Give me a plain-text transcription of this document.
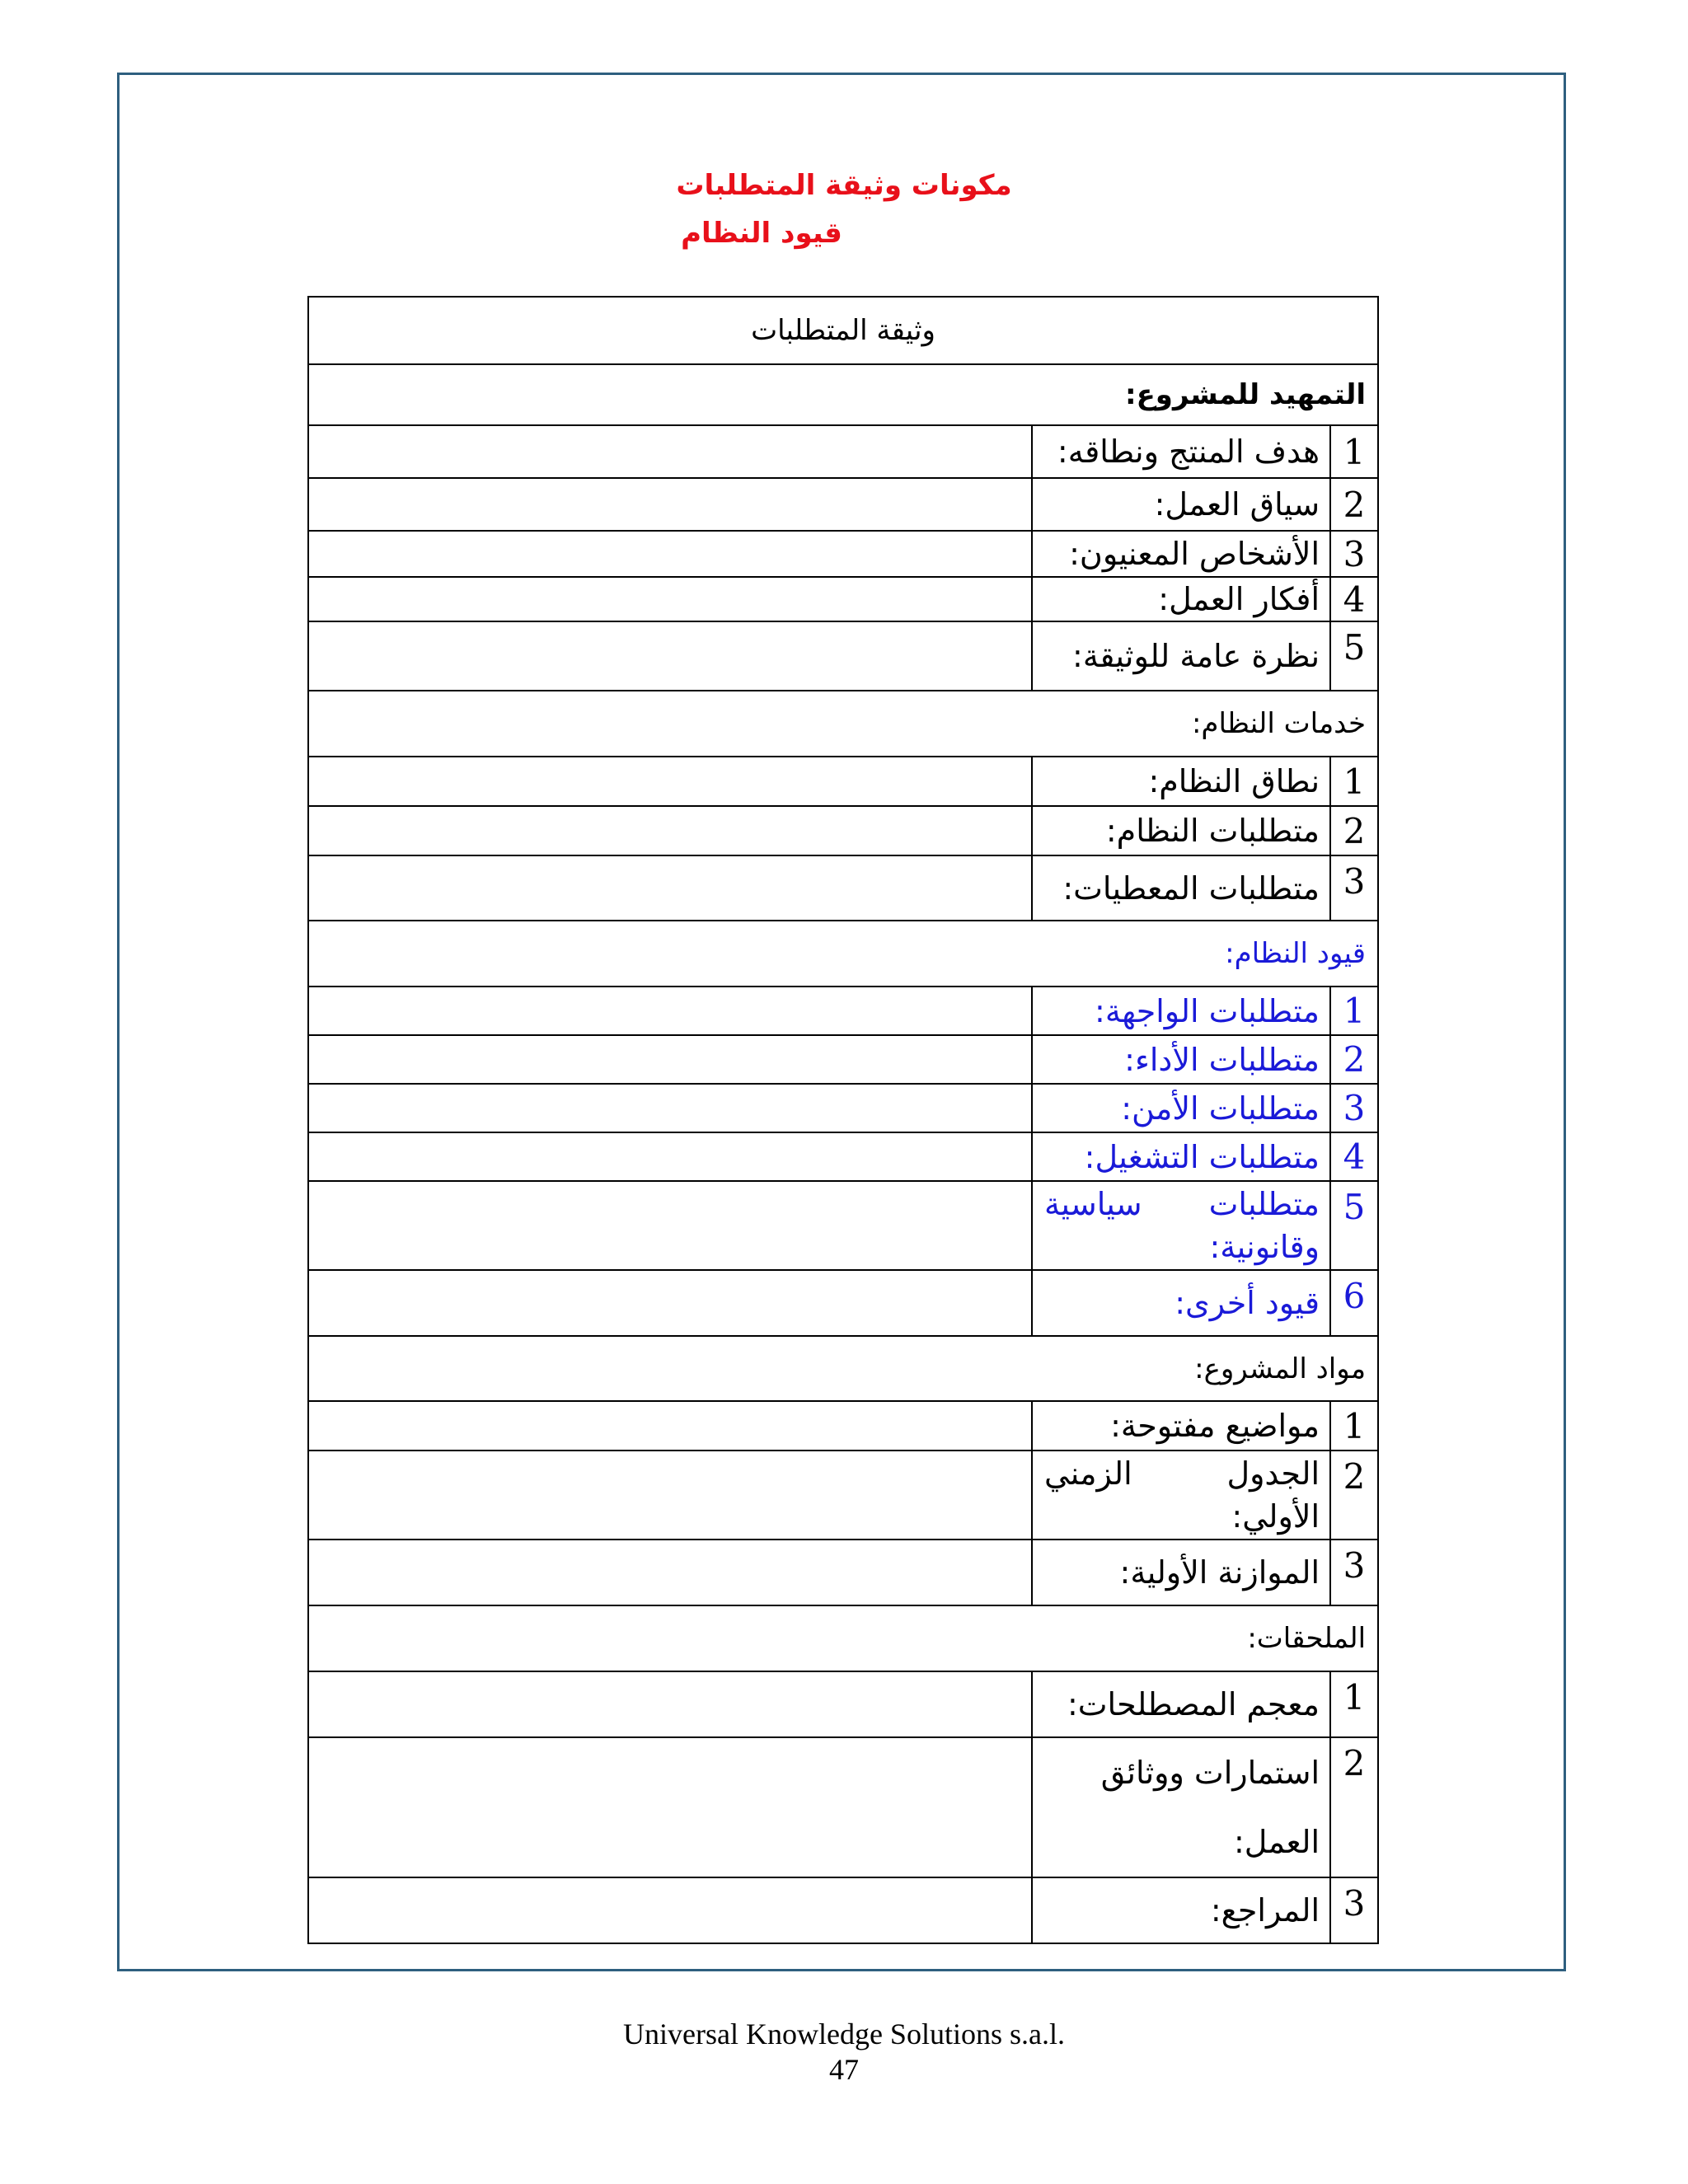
مكونات وثيقة المتطلبات

قيود النظام

وثيقة المتطلبات		
التمهيد للمشروع:		
1	هدف المنتج ونطاقه:	
2	سياق العمل:	
3	الأشخاص المعنيون:	
4	أفكار العمل:	
5	نظرة عامة للوثيقة:	
خدمات النظام:		
1	نطاق النظام:	
2	متطلبات النظام:	
3	متطلبات المعطيات:	
قيود النظام:		
1	متطلبات الواجهة:	
2	متطلبات الأداء:	
3	متطلبات الأمن:	
4	متطلبات التشغيل:	
5	متطلبات سياسية وقانونية:	
6	قيود أخرى:	
مواد المشروع:		
1	مواضيع مفتوحة:	
2	الجدول الزمني الأولي:	
3	الموازنة الأولية:	
الملحقات:		
1	معجم المصطلحات:	
2	استمارات ووثائق العمل:	
3	المراجع:	

Universal Knowledge Solutions s.a.l.

47
